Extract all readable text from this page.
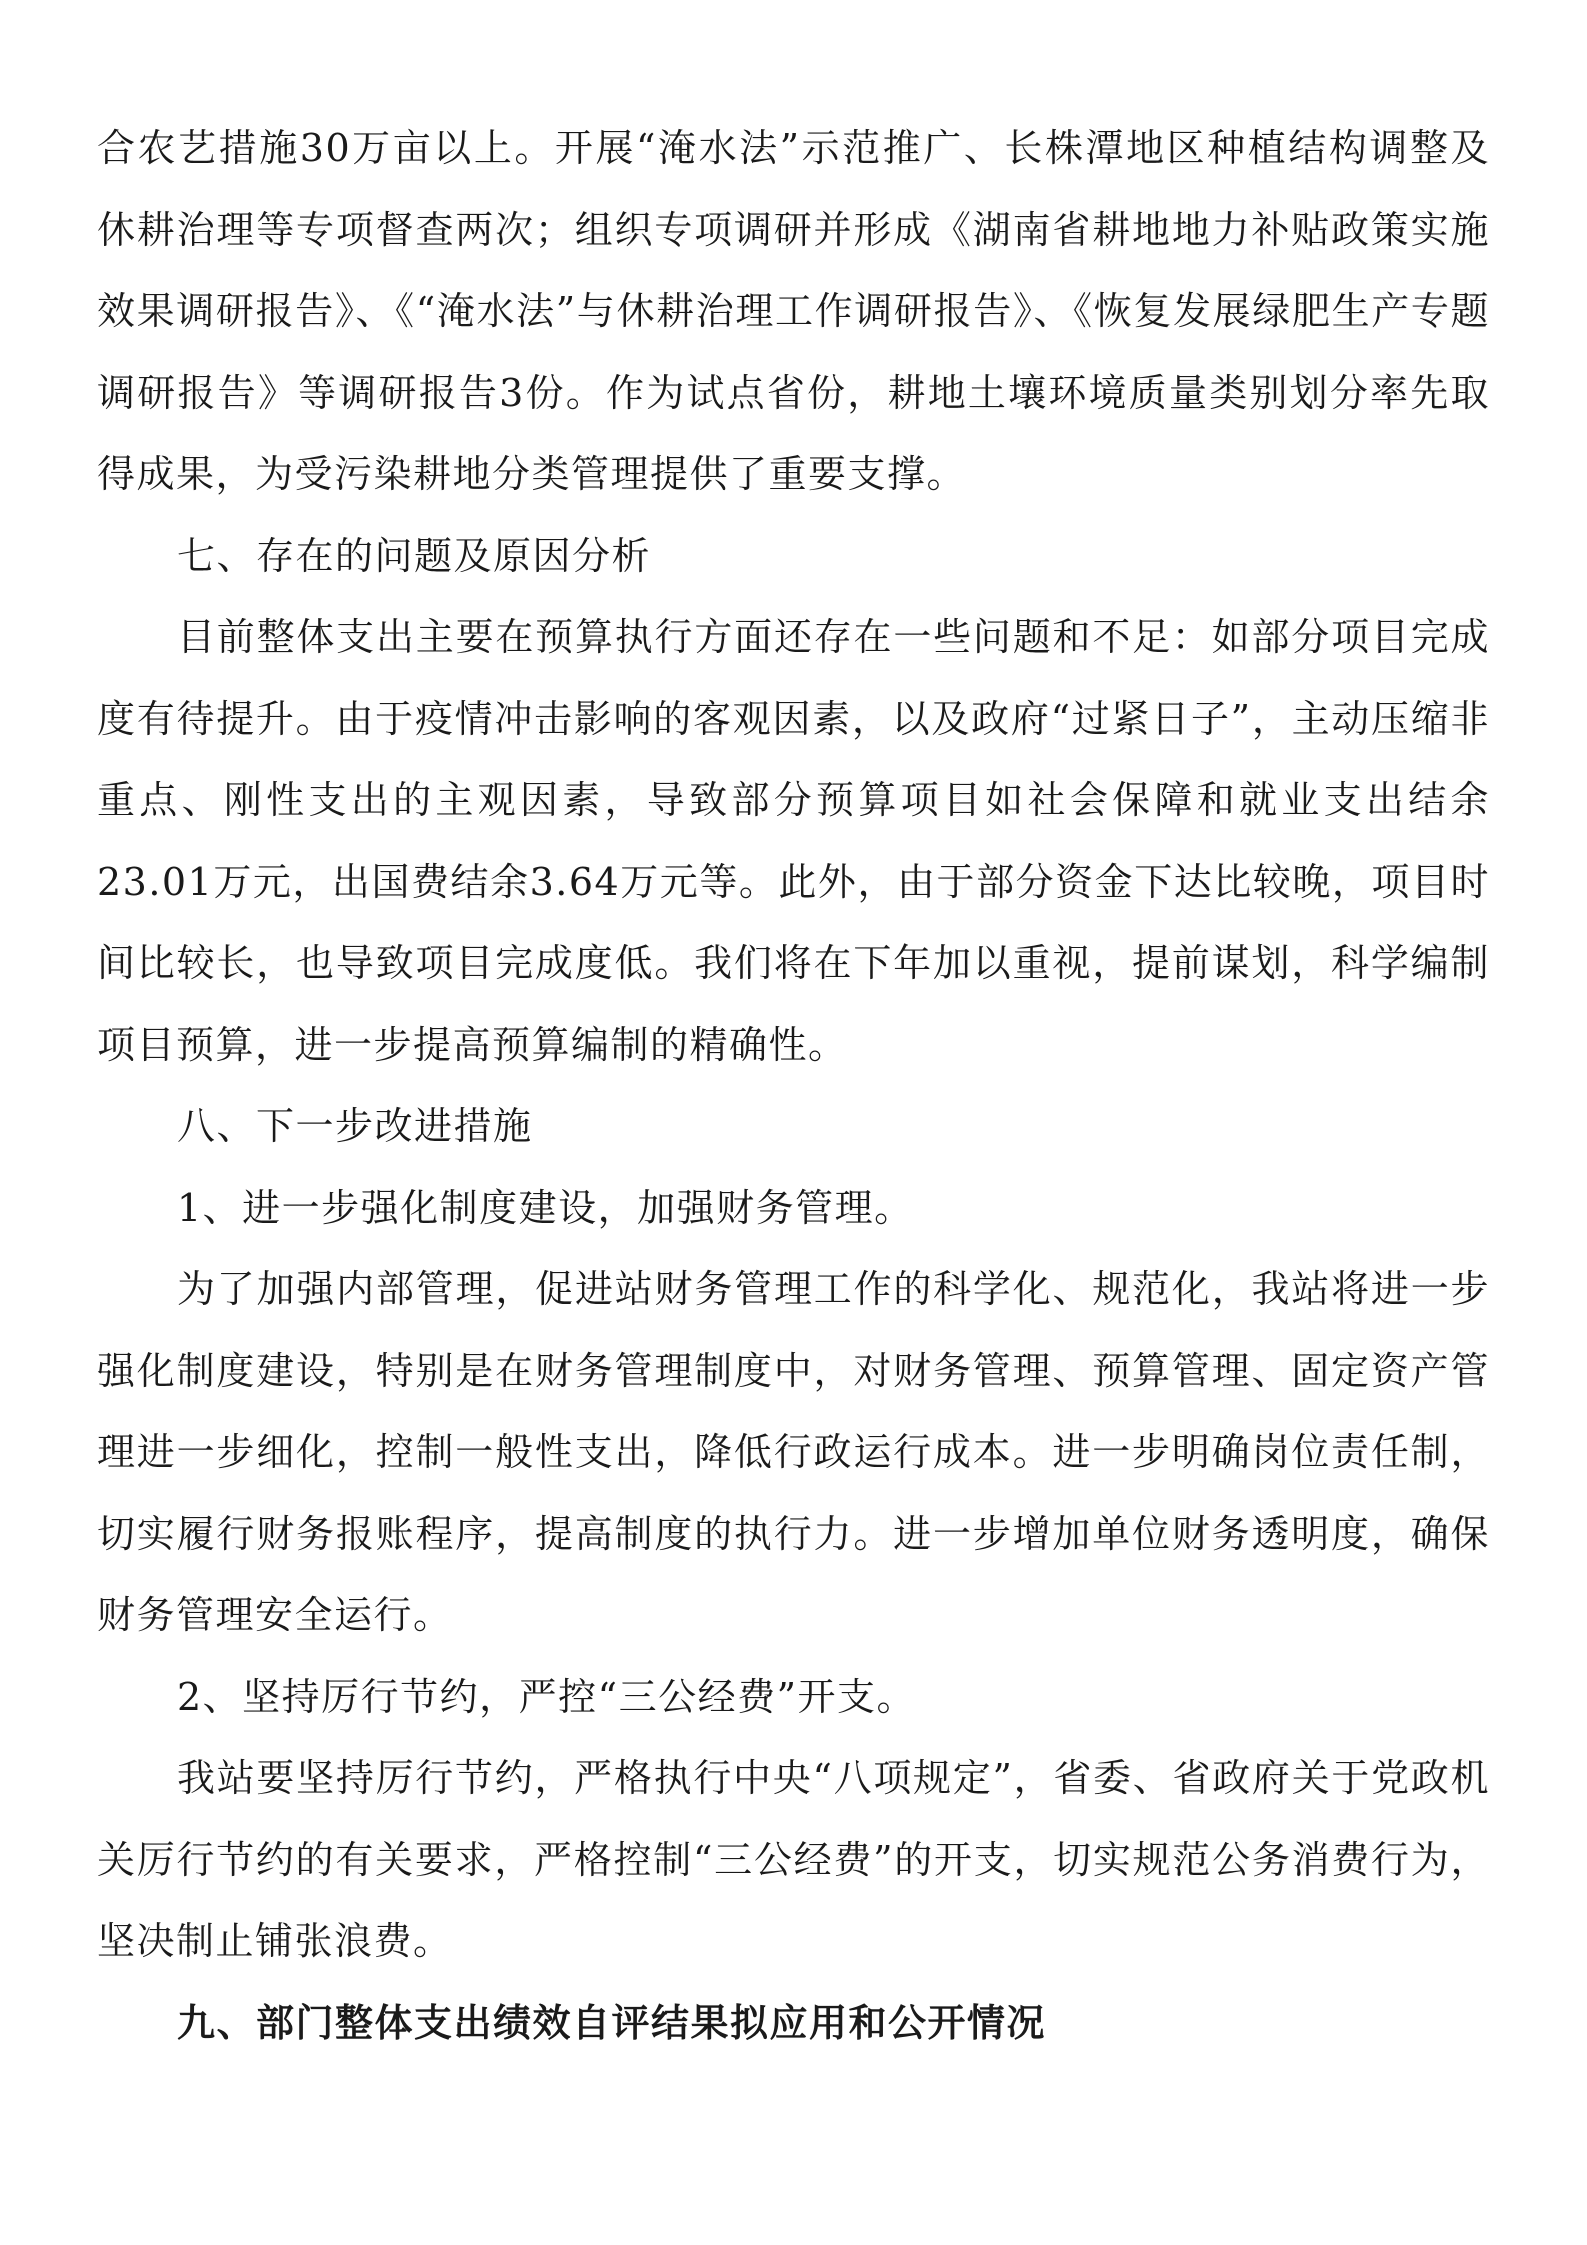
合农艺措施30万亩以上。开展“淹水法”示范推广、长株潭地区种植结构调整及休耕治理等专项督查两次；组织专项调研并形成《湖南省耕地地力补贴政策实施效果调研报告》、《“淹水法”与休耕治理工作调研报告》、《恢复发展绿肥生产专题调研报告》等调研报告3份。作为试点省份，耕地土壤环境质量类别划分率先取得成果，为受污染耕地分类管理提供了重要支撑。

七、存在的问题及原因分析

目前整体支出主要在预算执行方面还存在一些问题和不足：如部分项目完成度有待提升。由于疫情冲击影响的客观因素，以及政府“过紧日子”，主动压缩非重点、刚性支出的主观因素，导致部分预算项目如社会保障和就业支出结余23.01万元，出国费结余3.64万元等。此外，由于部分资金下达比较晚，项目时间比较长，也导致项目完成度低。我们将在下年加以重视，提前谋划，科学编制项目预算，进一步提高预算编制的精确性。

八、下一步改进措施

1、进一步强化制度建设，加强财务管理。

为了加强内部管理，促进站财务管理工作的科学化、规范化，我站将进一步强化制度建设，特别是在财务管理制度中，对财务管理、预算管理、固定资产管理进一步细化，控制一般性支出，降低行政运行成本。进一步明确岗位责任制，切实履行财务报账程序，提高制度的执行力。进一步增加单位财务透明度，确保财务管理安全运行。

2、坚持厉行节约，严控“三公经费”开支。

我站要坚持厉行节约，严格执行中央“八项规定”，省委、省政府关于党政机关厉行节约的有关要求，严格控制“三公经费”的开支，切实规范公务消费行为，坚决制止铺张浪费。

九、部门整体支出绩效自评结果拟应用和公开情况
